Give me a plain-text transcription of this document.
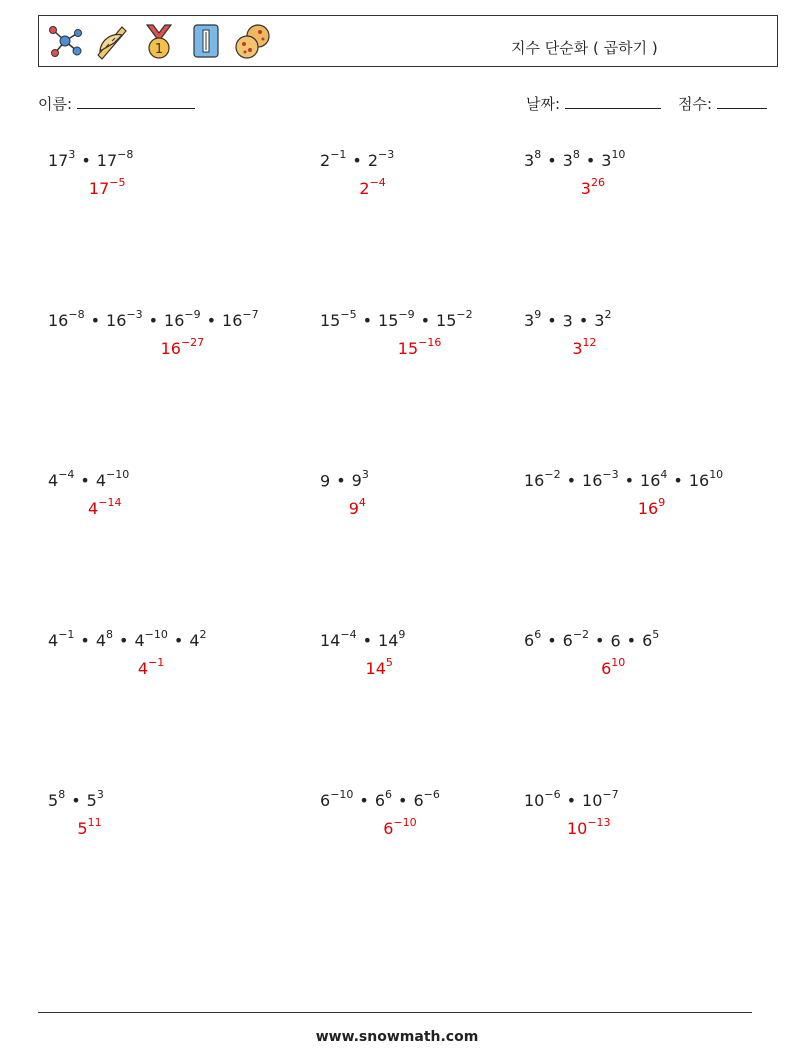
1	지수 단순화 ( 곱하기 )
이름:	날짜:	점수:
$17^3$ • $17^{-8}$
$17^{-5}$
$2^{-1}$ • $2^{-3}$
$2^{-4}$
$3^8$ • $3^8$ • $3^{10}$
$3^{26}$
$16^{-8}$ • $16^{-3}$ • $16^{-9}$ • $16^{-7}$
$16^{-27}$
$15^{-5}$ • $15^{-9}$ • $15^{-2}$
$15^{-16}$
$3^9$ • 3 • $3^2$
$3^{12}$
$4^{-4}$ • $4^{-10}$
$4^{-14}$
9 • $9^3$
$9^4$
$16^{-2}$ • $16^{-3}$ • $16^4$ • $16^{10}$
$16^9$
$4^{-1}$ • $4^8$ • $4^{-10}$ • $4^2$
$4^{-1}$
$14^{-4}$ • $14^9$
$14^5$
$6^6$ • $6^{-2}$ • 6 • $6^5$
$6^{10}$
$5^8$ • $5^3$
$5^{11}$
$6^{-10}$ • $6^6$ • $6^{-6}$
$6^{-10}$
$10^{-6}$ • $10^{-7}$
$10^{-13}$
www.snowmath.com
